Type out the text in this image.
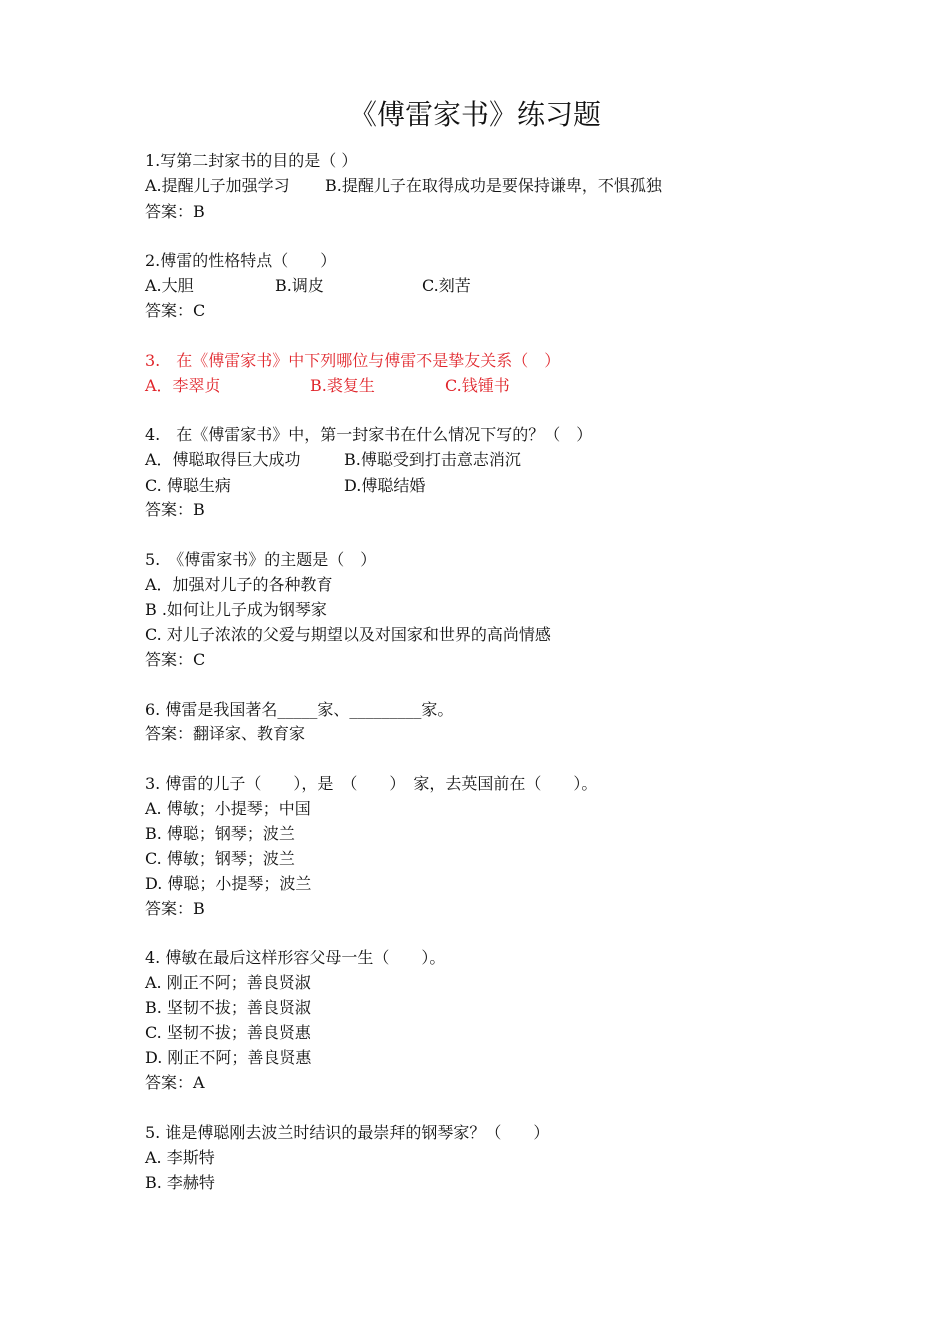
《傅雷家书》练习题
1.写第二封家书的目的是（ ）

A.提醒儿子加强学习

B.提醒儿子在取得成功是要保持谦卑，不惧孤独

答案：B
2.傅雷的性格特点（　　）

A.大胆

	B.调皮

	C.刻苦

答案：C
3.　在《傅雷家书》中下列哪位与傅雷不是挚友关系（　）

A．李翠贞

	B.裘复生

	C.钱锺书

4.　在《傅雷家书》中，第一封家书在什么情况下写的？（　）

A．傅聪取得巨大成功

	B.傅聪受到打击意志消沉

C. 傅聪生病

	D.傅聪结婚

答案：B
5.　《傅雷家书》的主题是（　）
A．加强对儿子的各种教育
B .如何让儿子成为钢琴家
C. 对儿子浓浓的父爱与期望以及对国家和世界的高尚情感
答案：C
6. 傅雷是我国著名_____家、_________家。
答案：翻译家、教育家
3. 傅雷的儿子（　　），是　（　　）　家，去英国前在（　　）。
A. 傅敏；小提琴；中国
B. 傅聪；钢琴；波兰
C. 傅敏；钢琴；波兰
D. 傅聪；小提琴；波兰
答案：B
4. 傅敏在最后这样形容父母一生（　　）。
A. 刚正不阿；善良贤淑
B. 坚韧不拔；善良贤淑
C. 坚韧不拔；善良贤惠
D. 刚正不阿；善良贤惠
答案：A
5. 谁是傅聪刚去波兰时结识的最崇拜的钢琴家？（　　）
A. 李斯特
B. 李赫特
